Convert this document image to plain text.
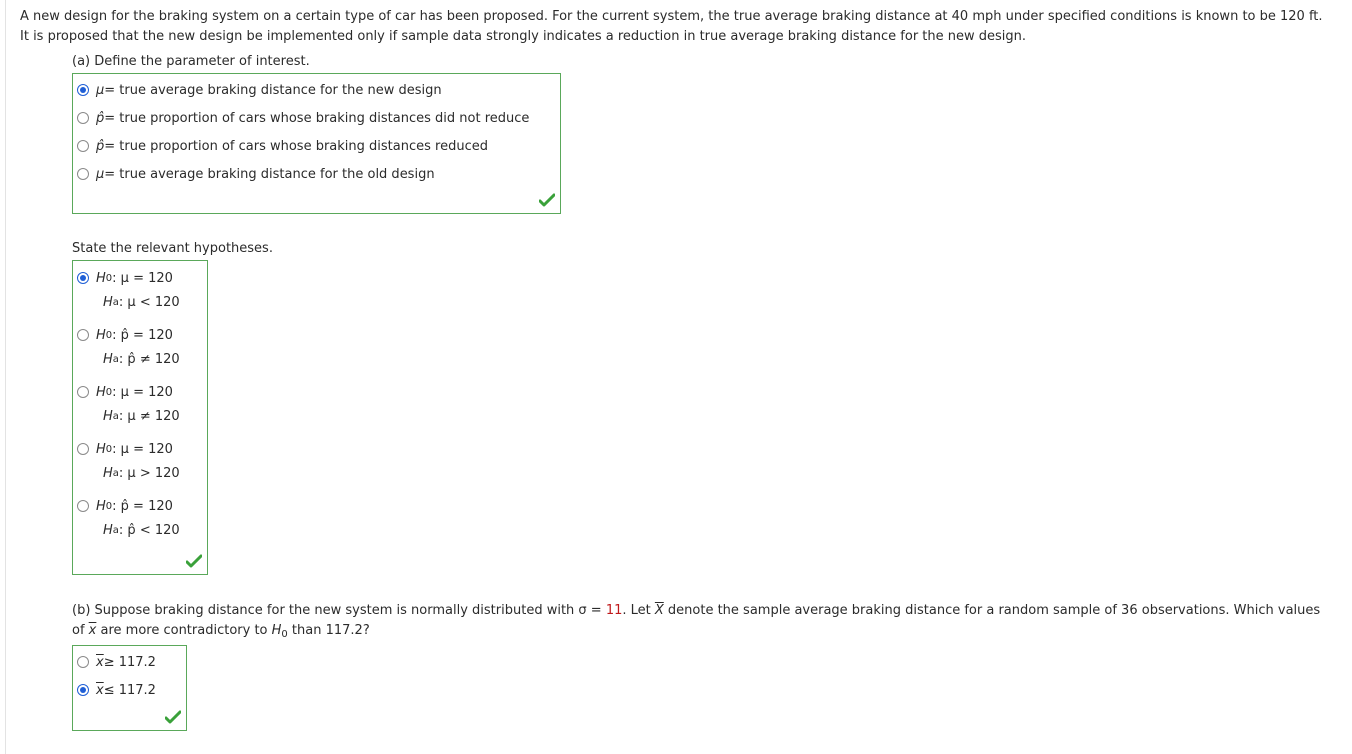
A new design for the braking system on a certain type of car has been proposed. For the current system, the true average braking distance at 40 mph under specified conditions is known to be 120 ft.
It is proposed that the new design be implemented only if sample data strongly indicates a reduction in true average braking distance for the new design.
(a) Define the parameter of interest.
μ = true average braking distance for the new design
p̂ = true proportion of cars whose braking distances did not reduce
p̂ = true proportion of cars whose braking distances reduced
μ = true average braking distance for the old design
State the relevant hypotheses.
H 0 : μ = 120
H a : μ < 120
H 0 : p̂ = 120
H a : p̂ ≠ 120
H 0 : μ = 120
H a : μ ≠ 120
H 0 : μ = 120
H a : μ > 120
H 0 : p̂ = 120
H a : p̂ < 120
(b) Suppose braking distance for the new system is normally distributed with σ = 11. Let $\overline{X}$ denote the sample average braking distance for a random sample of 36 observations. Which values
of $\overline{x}$ are more contradictory to $H_0$ than 117.2?
$\overline{x} \ge 117.2$
$\overline{x} \le 117.2$
